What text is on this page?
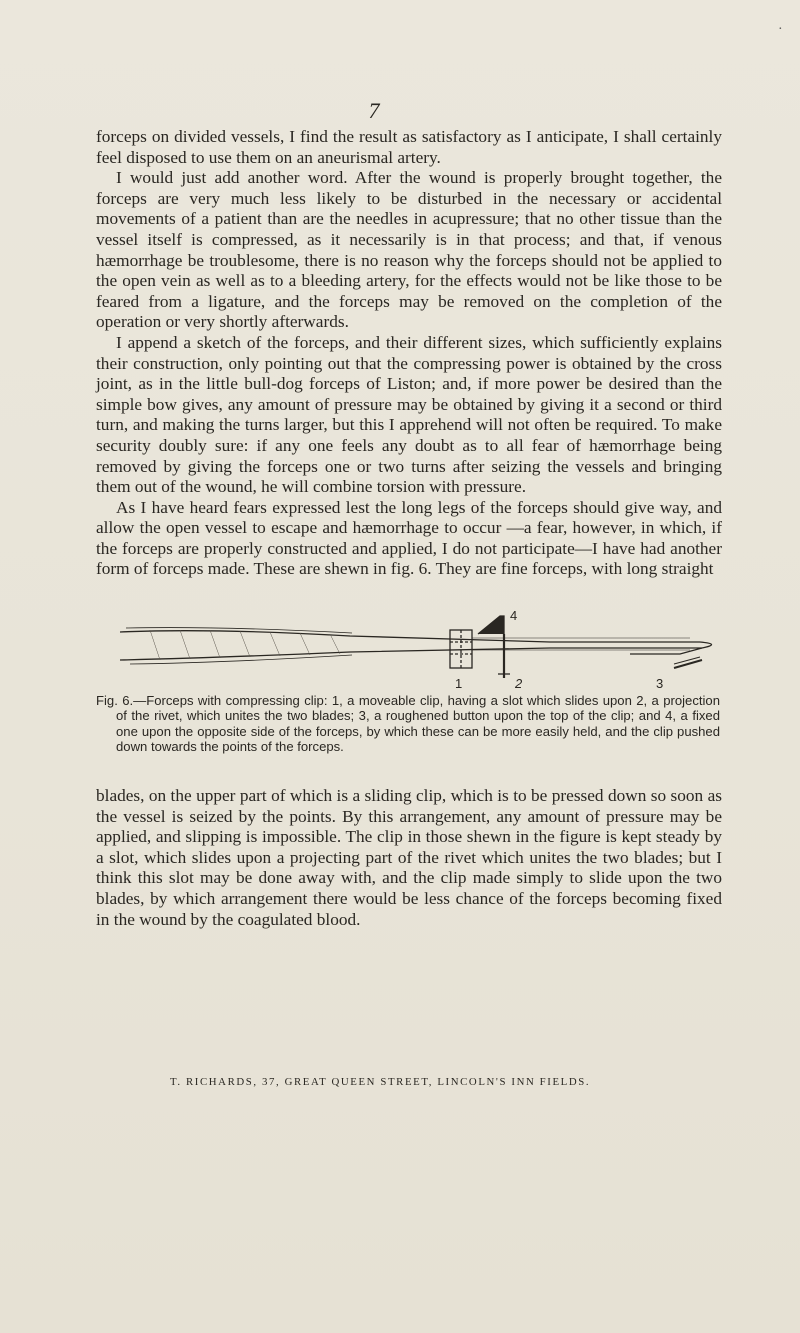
·
7

forceps on divided vessels, I find the result as satisfactory as I anticipate, I shall certainly feel disposed to use them on an aneurismal artery.

I would just add another word. After the wound is properly brought together, the forceps are very much less likely to be disturbed in the necessary or accidental movements of a patient than are the needles in acupressure; that no other tissue than the vessel itself is compressed, as it necessarily is in that process; and that, if venous hæmorrhage be troublesome, there is no reason why the forceps should not be applied to the open vein as well as to a bleeding artery, for the effects would not be like those to be feared from a ligature, and the forceps may be removed on the completion of the operation or very shortly afterwards.

I append a sketch of the forceps, and their different sizes, which sufficiently explains their construction, only pointing out that the compressing power is obtained by the cross joint, as in the little bull-dog forceps of Liston; and, if more power be desired than the simple bow gives, any amount of pressure may be obtained by giving it a second or third turn, and making the turns larger, but this I apprehend will not often be required. To make security doubly sure: if any one feels any doubt as to all fear of hæmorrhage being removed by giving the forceps one or two turns after seizing the vessels and bringing them out of the wound, he will combine torsion with pressure.

As I have heard fears expressed lest the long legs of the forceps should give way, and allow the open vessel to escape and hæmorrhage to occur —a fear, however, in which, if the forceps are properly constructed and applied, I do not participate—I have had another form of forceps made. These are shewn in fig. 6. They are fine forceps, with long straight

1	2	3
4
Fig. 6.—Forceps with compressing clip: 1, a moveable clip, having a slot which slides upon 2, a projection of the rivet, which unites the two blades; 3, a roughened button upon the top of the clip; and 4, a fixed one upon the opposite side of the forceps, by which these can be more easily held, and the clip pushed down towards the points of the forceps.

blades, on the upper part of which is a sliding clip, which is to be pressed down so soon as the vessel is seized by the points. By this arrangement, any amount of pressure may be applied, and slipping is impossible. The clip in those shewn in the figure is kept steady by a slot, which slides upon a projecting part of the rivet which unites the two blades; but I think this slot may be done away with, and the clip made simply to slide upon the two blades, by which arrangement there would be less chance of the forceps becoming fixed in the wound by the coagulated blood.

T. RICHARDS, 37, GREAT QUEEN STREET, LINCOLN'S INN FIELDS.
